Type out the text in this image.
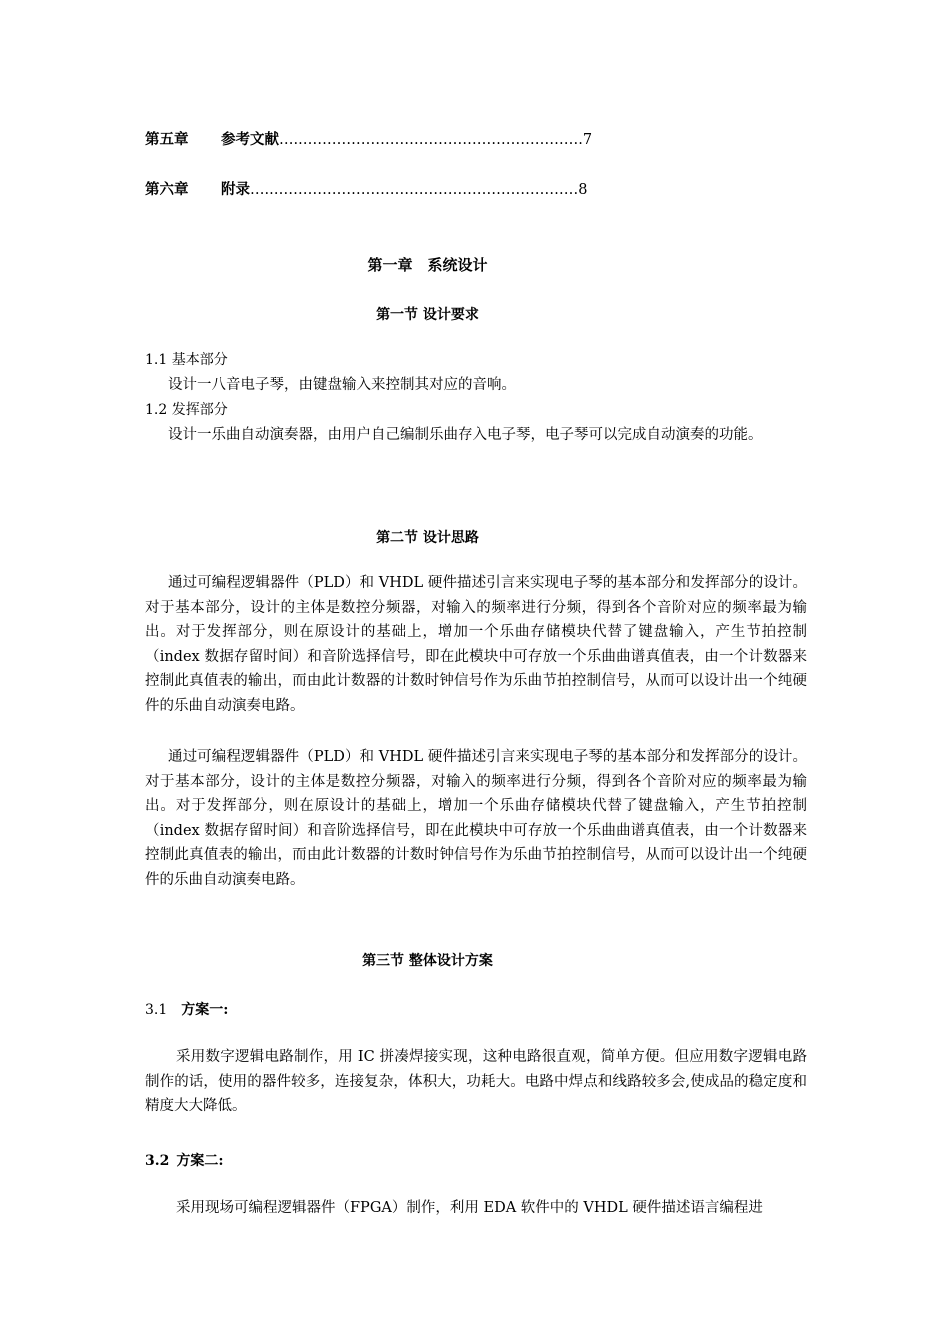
第五章 参考文献…..………………………………………………….7
第六章 附录…..………………………………………………………8
第一章　系统设计
第一节 设计要求
1.1 基本部分
设计一八音电子琴，由键盘输入来控制其对应的音响。
1.2 发挥部分
设计一乐曲自动演奏器，由用户自己编制乐曲存入电子琴，电子琴可以完成自动演奏的功能。
第二节 设计思路
通过可编程逻辑器件（PLD）和 VHDL 硬件描述引言来实现电子琴的基本部分和发挥部分的设计。对于基本部分，设计的主体是数控分频器，对输入的频率进行分频，得到各个音阶对应的频率最为输出。对于发挥部分，则在原设计的基础上，增加一个乐曲存储模块代替了键盘输入，产生节拍控制（index 数据存留时间）和音阶选择信号，即在此模块中可存放一个乐曲曲谱真值表，由一个计数器来控制此真值表的输出，而由此计数器的计数时钟信号作为乐曲节拍控制信号，从而可以设计出一个纯硬件的乐曲自动演奏电路。
通过可编程逻辑器件（PLD）和 VHDL 硬件描述引言来实现电子琴的基本部分和发挥部分的设计。对于基本部分，设计的主体是数控分频器，对输入的频率进行分频，得到各个音阶对应的频率最为输出。对于发挥部分，则在原设计的基础上，增加一个乐曲存储模块代替了键盘输入，产生节拍控制（index 数据存留时间）和音阶选择信号，即在此模块中可存放一个乐曲曲谱真值表，由一个计数器来控制此真值表的输出，而由此计数器的计数时钟信号作为乐曲节拍控制信号，从而可以设计出一个纯硬件的乐曲自动演奏电路。
第三节 整体设计方案
3.1 方案一:
采用数字逻辑电路制作，用 IC 拼凑焊接实现，这种电路很直观，简单方便。但应用数字逻辑电路制作的话，使用的器件较多，连接复杂，体积大，功耗大。电路中焊点和线路较多会,使成品的稳定度和精度大大降低。
3.2 方案二:
采用现场可编程逻辑器件（FPGA）制作，利用 EDA 软件中的 VHDL 硬件描述语言编程进
